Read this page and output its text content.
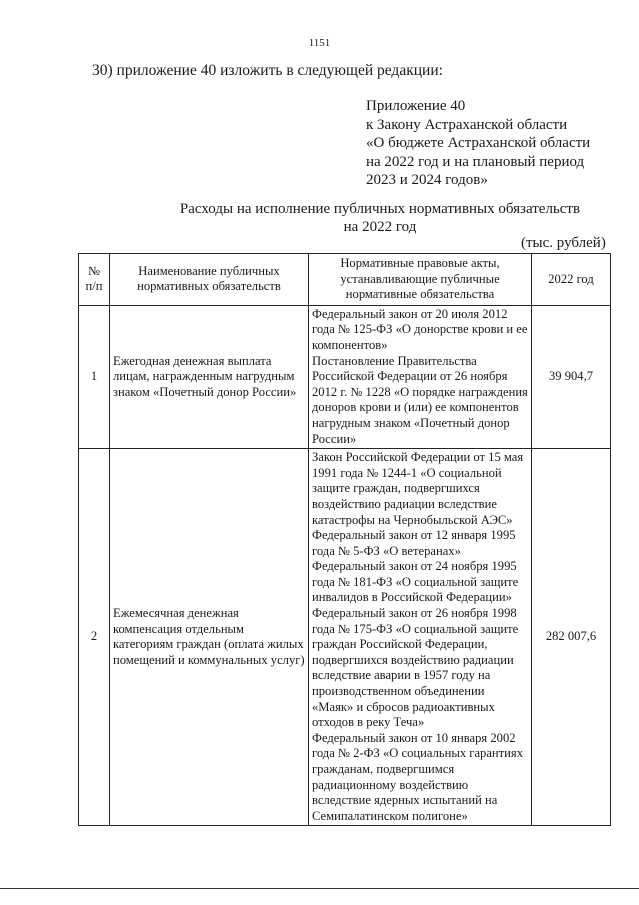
1151
30) приложение 40 изложить в следующей редакции:
Приложение 40
к Закону Астраханской области
«О бюджете Астраханской области
на 2022 год и на плановый период
2023 и 2024 годов»
Расходы на исполнение публичных нормативных обязательств
на 2022 год
(тыс. рублей)
№ п/п	Наименование публичных нормативных обязательств	Нормативные правовые акты, устанавливающие публичные нормативные обязательства	2022 год
1	Ежегодная денежная выплата лицам, награжденным нагрудным знаком «Почетный донор России»	Федеральный закон от 20 июля 2012 года № 125-ФЗ «О донорстве крови и ее компонентов»
Постановление Правительства Российской Федерации от 26 ноября 2012 г. № 1228 «О порядке награждения доноров крови и (или) ее компонентов нагрудным знаком «Почетный донор России»	39 904,7
2	Ежемесячная денежная компенсация отдельным категориям граждан (оплата жилых помещений и коммунальных услуг)	Закон Российской Федерации от 15 мая 1991 года № 1244-1 «О социальной защите граждан, подвергшихся воздействию радиации вследствие катастрофы на Чернобыльской АЭС»
Федеральный закон от 12 января 1995 года № 5-ФЗ «О ветеранах»
Федеральный закон от 24 ноября 1995 года № 181-ФЗ «О социальной защите инвалидов в Российской Федерации»
Федеральный закон от 26 ноября 1998 года № 175-ФЗ «О социальной защите граждан Российской Федерации, подвергшихся воздействию радиации вследствие аварии в 1957 году на производственном объединении «Маяк» и сбросов радиоактивных отходов в реку Теча»
Федеральный закон от 10 января 2002 года № 2-ФЗ «О социальных гарантиях гражданам, подвергшимся радиационному воздействию вследствие ядерных испытаний на Семипалатинском полигоне»	282 007,6
